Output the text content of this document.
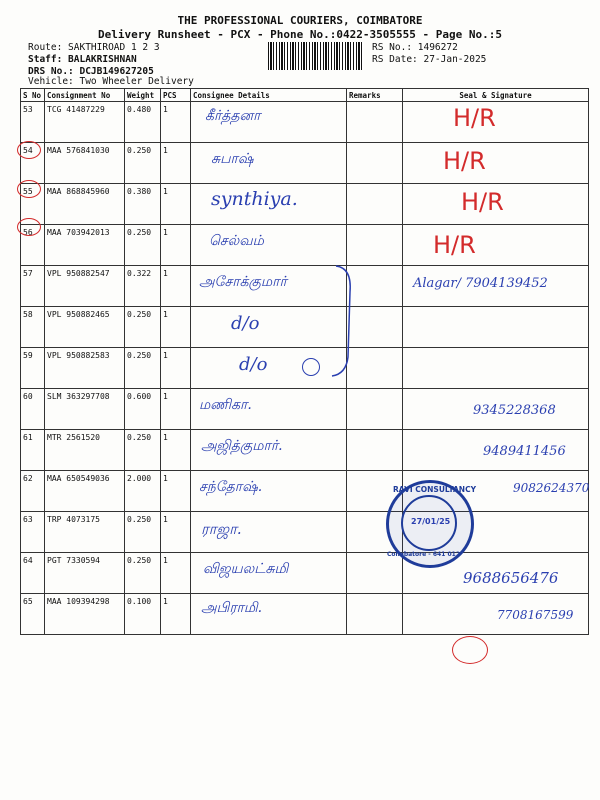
THE PROFESSIONAL COURIERS, COIMBATORE
Delivery Runsheet - PCX - Phone No.:0422-3505555 - Page No.:5
Route: SAKTHIROAD 1 2 3
Staff: BALAKRISHNAN
DRS No.: DCJB149627205
Vehicle: Two Wheeler Delivery
RS No.: 1496272
RS Date: 27-Jan-2025
S No	Consignment No	Weight	PCS	Consignee Details	Remarks	Seal & Signature
53	TCG 41487229	0.480	1	கீர்த்தனா		H/R

54	MAA 576841030	0.250	1	சுபாஷ்		H/R

55	MAA 868845960	0.380	1	synthiya.		H/R

56	MAA 703942013	0.250	1	செல்வம்		H/R

57	VPL 950882547	0.322	1	அசோக்குமார்		Alagar/ 7904139452

58	VPL 950882465	0.250	1	d/o		

59	VPL 950882583	0.250	1	d/o		

60	SLM 363297708	0.600	1	மணிகா.		9345228368

61	MTR 2561520	0.250	1	அஜித்குமார்.		9489411456

62	MAA 650549036	2.000	1	சந்தோஷ்.		9082624370

63	TRP 4073175	0.250	1	ராஜா.		

64	PGT 7330594	0.250	1	விஜயலட்சுமி		9688656476

65	MAA 109394298	0.100	1	அபிராமி.		7708167599
RAVI CONSULTANCY
27/01/25
Coimbatore - 641 012
